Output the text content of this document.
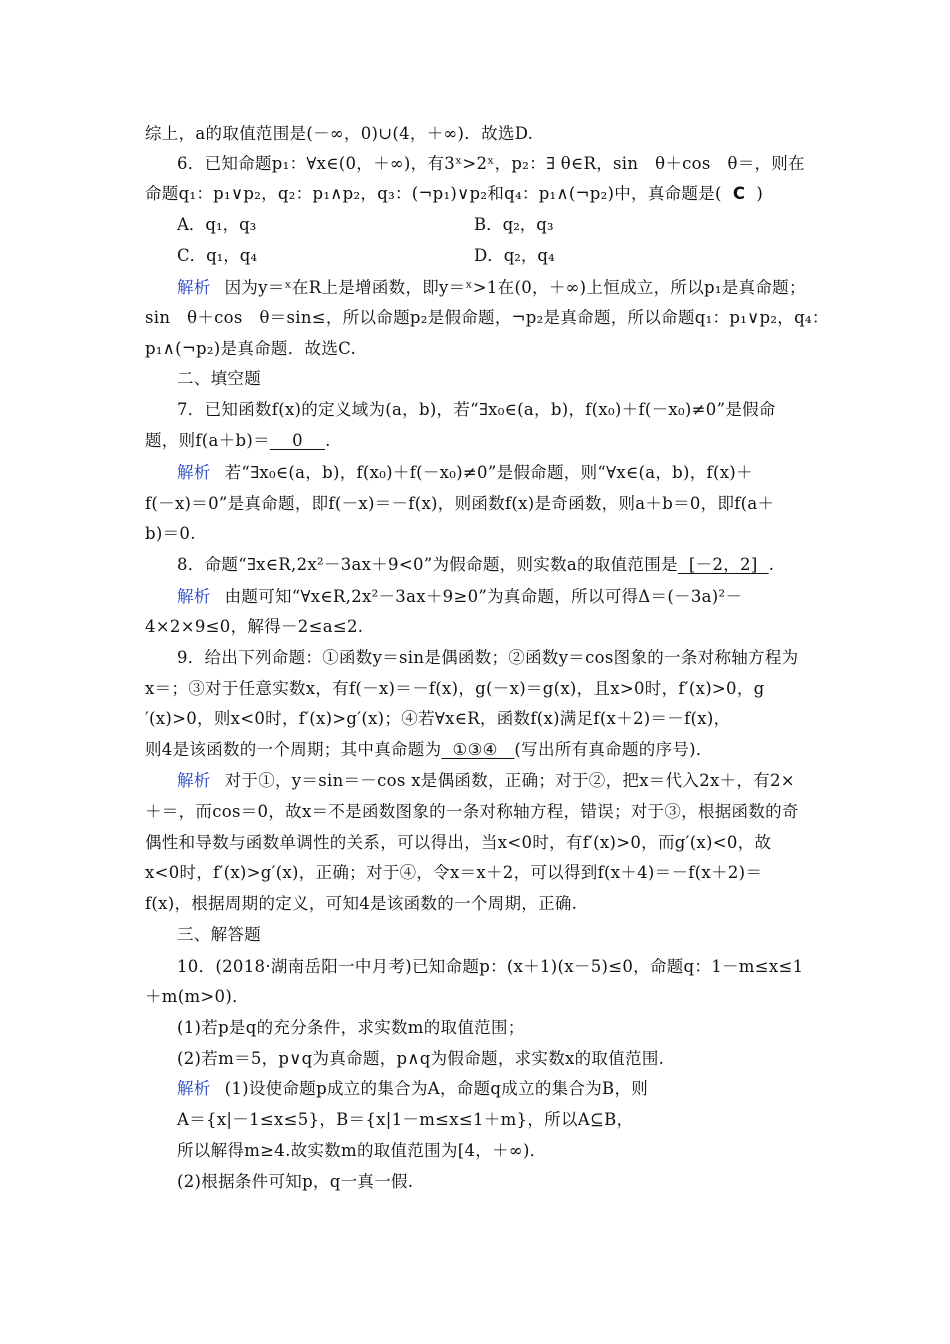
综上，a的取值范围是(－∞，0)∪(4，＋∞)．故选D.
6．已知命题p₁：∀x∈(0，＋∞)，有3ˣ>2ˣ，p₂：∃ θ∈R，sin　θ＋cos　θ＝，则在
命题q₁：p₁∨p₂，q₂：p₁∧p₂，q₃：(¬p₁)∨p₂和q₄：p₁∧(¬p₂)中，真命题是( C )
A．q₁，q₃	B．q₂，q₃
C．q₁，q₄	D．q₂，q₄
解析 因为y＝ˣ在R上是增函数，即y＝ˣ>1在(0，＋∞)上恒成立，所以p₁是真命题；
sin　θ＋cos　θ＝sin≤，所以命题p₂是假命题，¬p₂是真命题，所以命题q₁：p₁∨p₂，q₄：
p₁∧(¬p₂)是真命题．故选C.
二、填空题
7．已知函数f(x)的定义域为(a，b)，若“∃x₀∈(a，b)，f(x₀)＋f(－x₀)≠0”是假命
题，则f(a＋b)＝ 0 .
解析 若“∃x₀∈(a，b)，f(x₀)＋f(－x₀)≠0”是假命题，则“∀x∈(a，b)，f(x)＋
f(－x)＝0”是真命题，即f(－x)＝－f(x)，则函数f(x)是奇函数，则a＋b＝0，即f(a＋
b)＝0.
8．命题“∃x∈R,2x²－3ax＋9<0”为假命题，则实数a的取值范围是 [－2，2] .
解析 由题可知“∀x∈R,2x²－3ax＋9≥0”为真命题，所以可得Δ＝(－3a)²－
4×2×9≤0，解得－2≤a≤2.
9．给出下列命题：①函数y＝sin是偶函数；②函数y＝cos图象的一条对称轴方程为
x＝；③对于任意实数x，有f(－x)＝－f(x)，g(－x)＝g(x)，且x>0时，f′(x)>0，g
′(x)>0，则x<0时，f′(x)>g′(x)；④若∀x∈R，函数f(x)满足f(x＋2)＝－f(x)，
则4是该函数的一个周期；其中真命题为 ①③④ (写出所有真命题的序号)．
解析 对于①，y＝sin＝－cos x是偶函数，正确；对于②，把x＝代入2x＋，有2×
＋＝，而cos＝0，故x＝不是函数图象的一条对称轴方程，错误；对于③，根据函数的奇
偶性和导数与函数单调性的关系，可以得出，当x<0时，有f′(x)>0，而g′(x)<0，故
x<0时，f′(x)>g′(x)，正确；对于④，令x＝x＋2，可以得到f(x＋4)＝－f(x＋2)＝
f(x)，根据周期的定义，可知4是该函数的一个周期，正确.
三、解答题
10．(2018·湖南岳阳一中月考)已知命题p：(x＋1)(x－5)≤0，命题q：1－m≤x≤1
＋m(m>0)．
(1)若p是q的充分条件，求实数m的取值范围；
(2)若m＝5，p∨q为真命题，p∧q为假命题，求实数x的取值范围.
解析 (1)设使命题p成立的集合为A，命题q成立的集合为B，则
A＝{x|－1≤x≤5}，B＝{x|1－m≤x≤1＋m}，所以A⊆B，
所以解得m≥4.故实数m的取值范围为[4，＋∞)．
(2)根据条件可知p，q一真一假.
